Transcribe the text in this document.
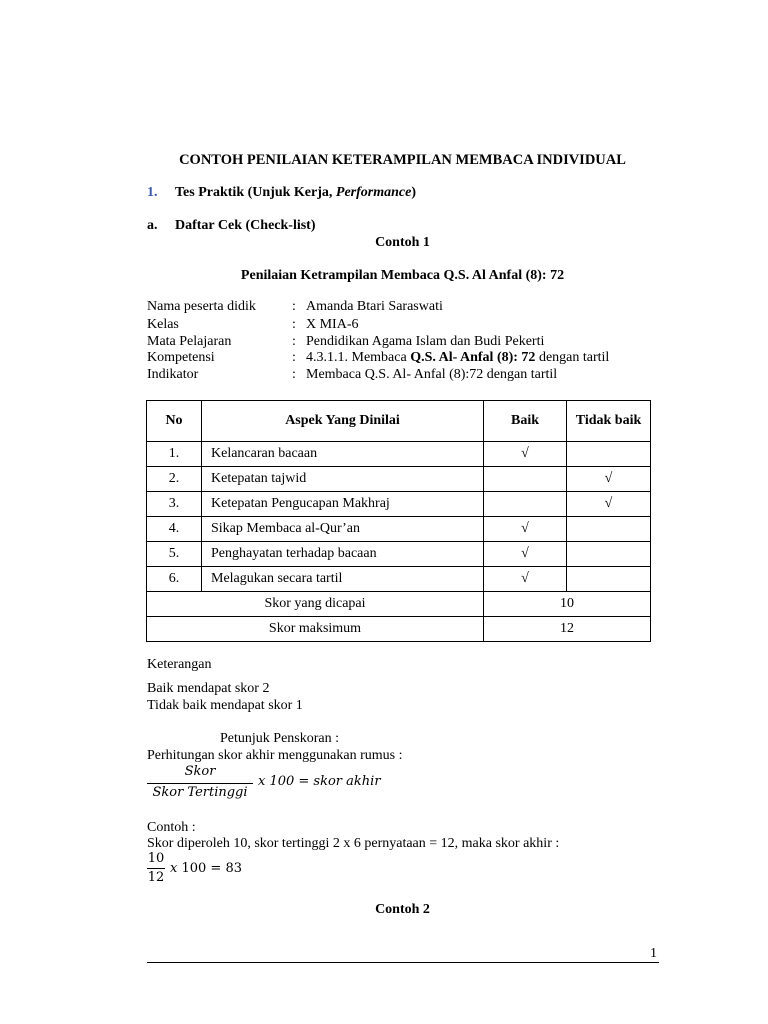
CONTOH PENILAIAN KETERAMPILAN MEMBACA INDIVIDUAL
1. Tes Praktik (Unjuk Kerja, Performance)
a. Daftar Cek (Check-list)
Contoh 1
Penilaian Ketrampilan Membaca Q.S. Al Anfal (8): 72
Nama peserta didik	: Amanda Btari Saraswati
Kelas	: X MIA-6
Mata Pelajaran	: Pendidikan Agama Islam dan Budi Pekerti
Kompetensi	: 4.3.1.1. Membaca Q.S. Al- Anfal (8): 72 dengan tartil
Indikator	: Membaca Q.S. Al- Anfal (8):72 dengan tartil
No	Aspek Yang Dinilai	Baik	Tidak baik
1.	Kelancaran bacaan	√	
2.	Ketepatan tajwid		√
3.	Ketepatan Pengucapan Makhraj		√
4.	Sikap Membaca al-Qur’an	√	
5.	Penghayatan terhadap bacaan	√	
6.	Melagukan secara tartil	√	
Skor yang dicapai		10	
Skor maksimum		12	
Keterangan
Baik mendapat skor 2
Tidak baik mendapat skor 1
Petunjuk Penskoran :
Perhitungan skor akhir menggunakan rumus :
Skor
Skor Tertinggi
x 100 = skor akhir
Contoh :
Skor diperoleh 10, skor tertinggi 2 x 6 pernyataan = 12, maka skor akhir :
10
12
x 100 = 83
Contoh 2
1
